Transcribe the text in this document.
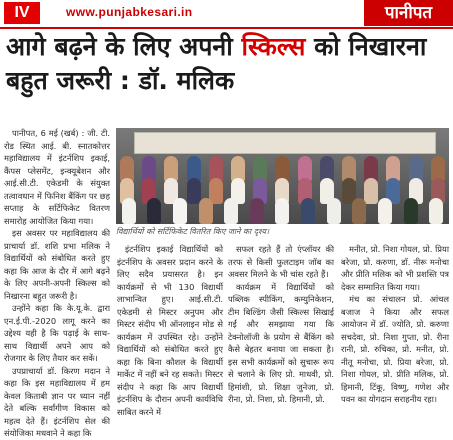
IV	www.punjabkesari.in	पानीपत
आगे बढ़ने के लिए अपनी स्किल्स को निखारना बहुत जरूरी : डॉ. मलिक

पानीपत, 6 मई (खर्ब) : जी. टी. रोड स्थित आई. बी. स्नातकोत्तर महाविद्यालय में इंटर्नशिप इकाई, कैंपस प्लेसमेंट, इन्क्यूबेशन और आई.सी.टी. एकेडमी के संयुक्त तत्वावधान में फिनिश बैंकिंग पर छह सप्ताह के सर्टिफिकेट वितरण समारोह आयोजित किया गया।

इस अवसर पर महाविद्यालय की प्राचार्या डॉ. शशि प्रभा मलिक ने विद्यार्थियों को संबोधित करते हुए कहा कि आज के दौर में आगे बढ़ने के लिए अपनी-अपनी स्किल्स को निखारना बहुत जरूरी है।

उन्होंने कहा कि के.यू.के. द्वारा एन.ई.पी.-2020 लागू करने का उद्देश्य यही है कि पढ़ाई के साथ-साथ विद्यार्थी अपने आप को रोजगार के लिए तैयार कर सकें।

उपप्राचार्या डॉ. किरण मदान ने कहा कि इस महाविद्यालय में हम केवल किताबी ज्ञान पर ध्यान नहीं देते बल्कि सर्वांगीण विकास को महत्व देते हैं। इंटर्नशिप सेल की संयोजिका मधवाने ने कहा कि

विद्यार्थियों को सर्टिफिकेट वितरित किए जाने का दृश्य।

इंटर्नशिप इकाई विद्यार्थियों को इंटर्नशिप के अवसर प्रदान करने के लिए सदैव प्रयासरत है। इन कार्यक्रमों से भी 130 विद्यार्थी लाभान्वित हुए। आई.सी.टी. एकेडमी से मिस्टर अनुपम और मिस्टर संदीप भी ऑनलाइन मोड से कार्यक्रम में उपस्थित रहे। उन्होंने विद्यार्थियों को संबोधित करते हुए कहा कि बिना कौशल के विद्यार्थी मार्केट में नहीं बने रह सकते। मिस्टर संदीप ने कहा कि आप विद्यार्थी इंटर्नशिप के दौरान अपनी कार्यविधि साबित करने में

सफल रहते हैं तो एंप्लॉयर की तरफ से किसी फुलटाइम जॉब का अवसर मिलने के भी चांस रहते हैं।

कार्यक्रम में विद्यार्थियों को पब्लिक स्पीकिंग, कम्युनिकेशन, टीम बिल्डिंग जैसी स्किल्स सिखाई गईं और समझाया गया कि टेक्नोलॉजी के प्रयोग से बैंकिंग को कैसे बेहतर बनाया जा सकता है। इस सभी कार्यक्रमों को सुचारू रूप से चलाने के लिए प्रो. माधवी, प्रो. हिमांशी, प्रो. शिक्षा जुनेजा, प्रो. रीना, प्रो. निशा, प्रो. हिमानी, प्रो.

मनीत, प्रो. निशा गोयल, प्रो. प्रिया बरेजा, प्रो. करुणा, डॉ. नीरू मनोचा और प्रीति मलिक को भी प्रशस्ति पत्र देकर सम्मानित किया गया।

मंच का संचालन प्रो. आंचल बजाज ने किया और सफल आयोजन में डॉ. ज्योति, प्रो. करुणा सचदेवा, प्रो. निशा गुप्ता, प्रो. रीना रानी, प्रो. रुचिका, प्रो. मनीत, प्रो. नीतू मनोचा, प्रो. प्रिया बरेजा, प्रो. निशा गोयल, प्रो. प्रीति मलिक, प्रो. हिमानी, टिंकू, विष्णु, गणेश और पवन का योगदान सराहनीय रहा।
